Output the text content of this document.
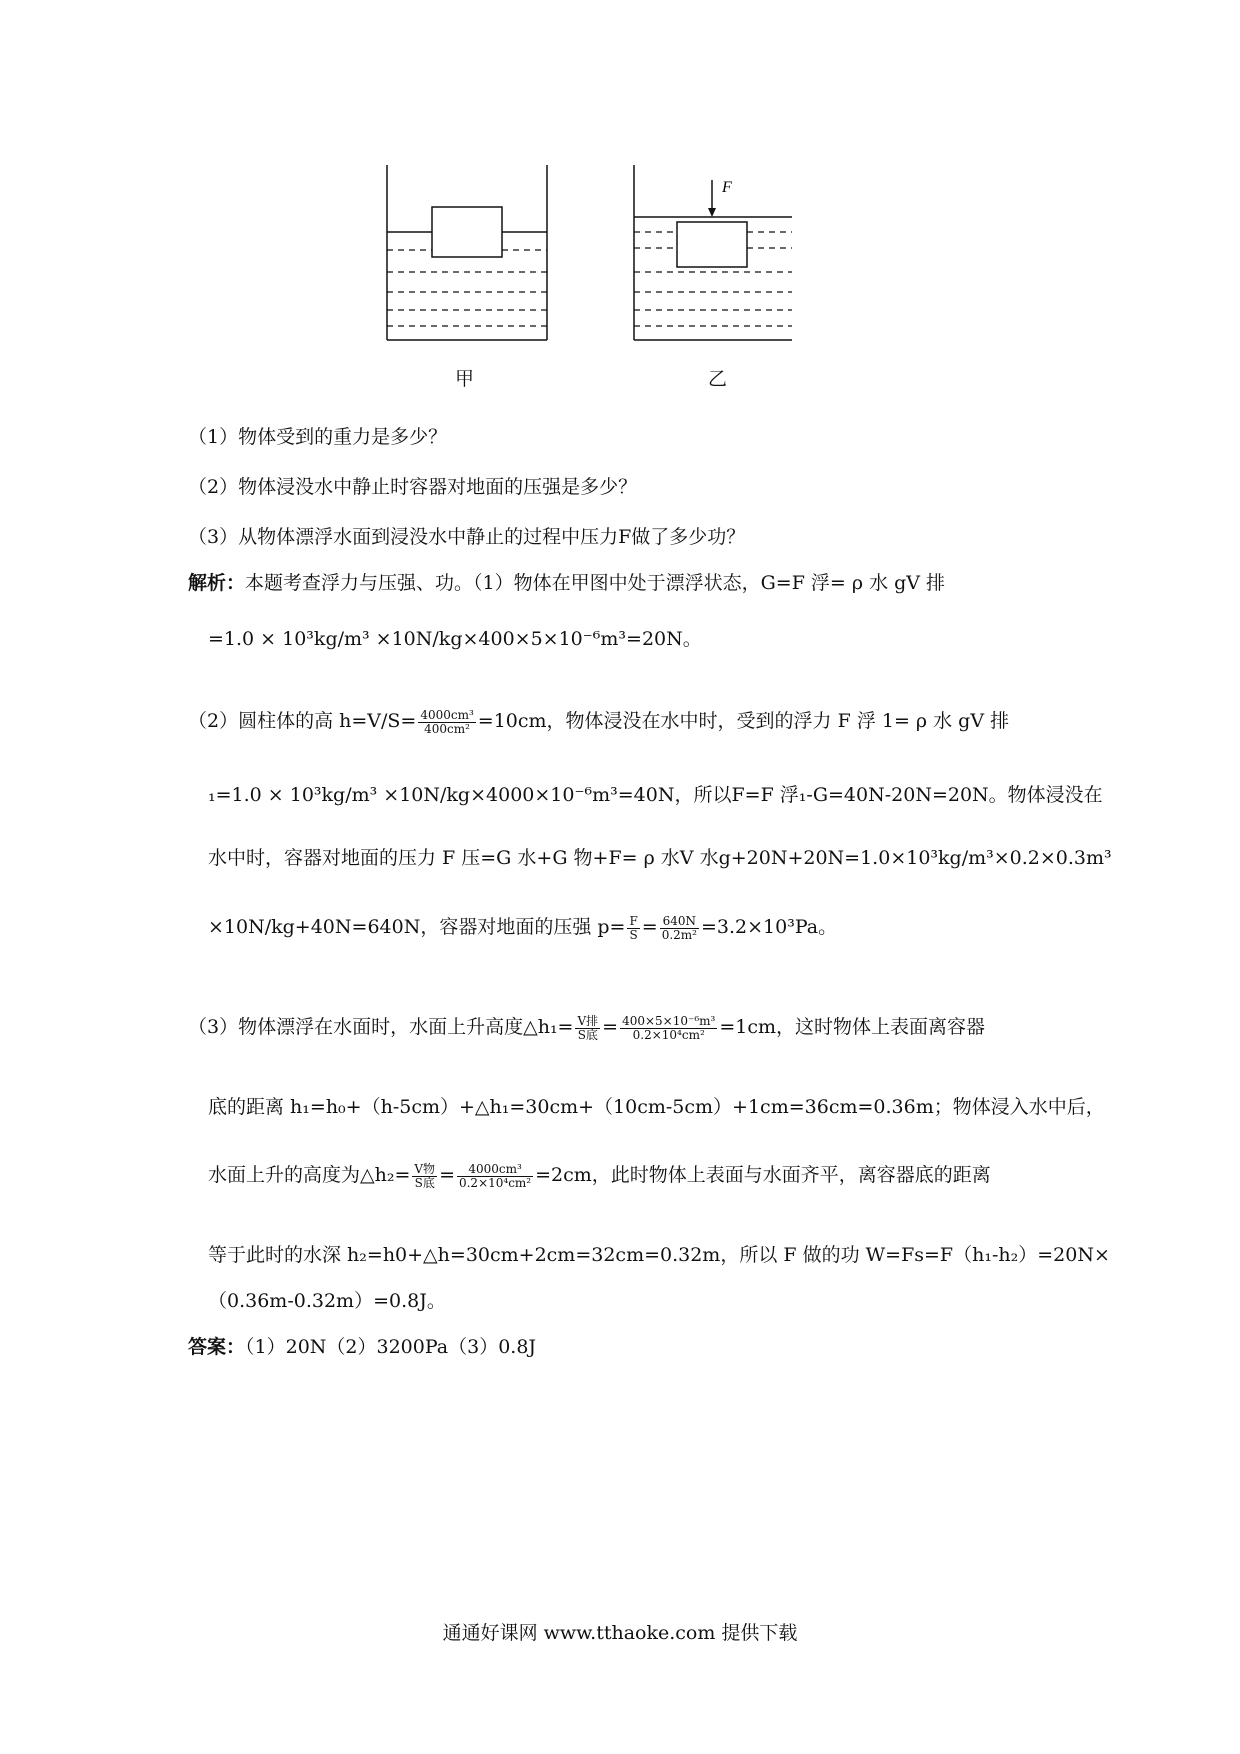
F
甲	乙
（1）物体受到的重力是多少？
（2）物体浸没水中静止时容器对地面的压强是多少？
（3）从物体漂浮水面到浸没水中静止的过程中压力F做了多少功？
解析：本题考查浮力与压强、功。（1）物体在甲图中处于漂浮状态，G=F 浮= ρ 水 gV 排
=1.0 × 10³kg/m³ ×10N/kg×400×5×10⁻⁶m³=20N。
（2）圆柱体的高 $h=V/S= \frac{\text{4000cm³}}{\text{400cm²}} =10cm$，物体浸没在水中时，受到的浮力 F 浮 1= ρ 水 gV 排
₁=1.0 × 10³kg/m³ ×10N/kg×4000×10⁻⁶m³=40N，所以F=F 浮₁-G=40N-20N=20N。物体浸没在
水中时，容器对地面的压力 F 压=G 水+G 物+F= ρ 水V 水g+20N+20N=1.0×10³kg/m³×0.2×0.3m³
×10N/kg+40N=640N，容器对地面的压强 $p= \frac{F}{S} = \frac{640N}{\text{0.2m²}} =3.2\times 10^3Pa$。
（3）物体漂浮在水面时，水面上升高度△h₁= $\frac{\text{V排}}{\text{S底}} = \frac{\text{400×5×10⁻⁶m³}}{\text{0.2×10⁴cm²}} =1cm$，这时物体上表面离容器
底的距离 h₁=h₀+（h-5cm）+△h₁=30cm+（10cm-5cm）+1cm=36cm=0.36m；物体浸入水中后，
水面上升的高度为△h₂= $\frac{\text{V物}}{\text{S底}} = \frac{\text{4000cm³}}{\text{0.2×10⁴cm²}} =2cm$，此时物体上表面与水面齐平，离容器底的距离
等于此时的水深 h₂=h0+△h=30cm+2cm=32cm=0.32m，所以 F 做的功 W=Fs=F（h₁-h₂）=20N×
（0.36m-0.32m）=0.8J。
答案：（1）20N（2）3200Pa（3）0.8J
通通好课网 www.tthaoke.com 提供下载
